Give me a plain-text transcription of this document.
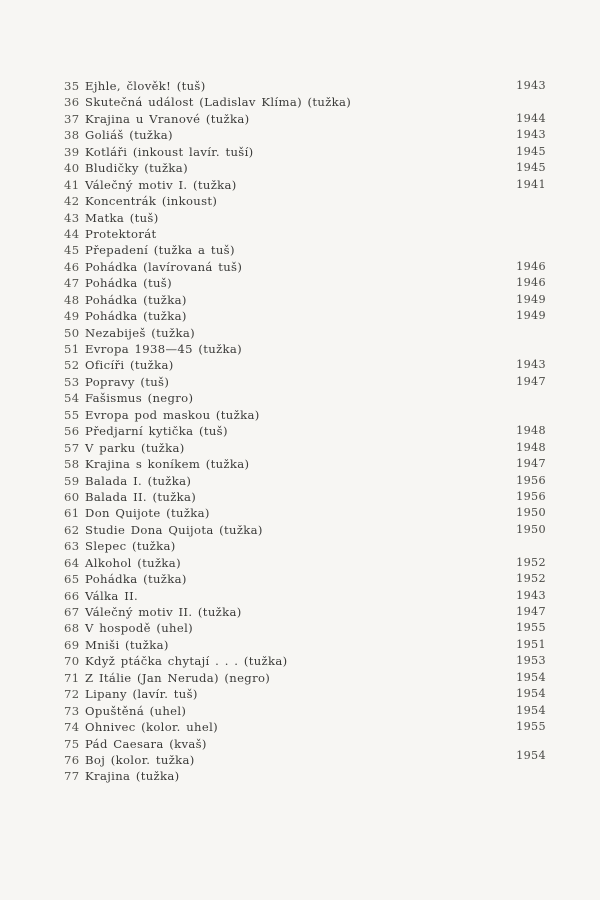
35 Ejhle, člověk! (tuš)	1943
36 Skutečná událost (Ladislav Klíma) (tužka)
37 Krajina u Vranové (tužka)	1944
38 Goliáš (tužka)	1943
39 Kotláři (inkoust lavír. tuší)	1945
40 Bludičky (tužka)	1945
41 Válečný motiv I. (tužka)	1941
42 Koncentrák (inkoust)
43 Matka (tuš)
44 Protektorát
45 Přepadení (tužka a tuš)
46 Pohádka (lavírovaná tuš)	1946
47 Pohádka (tuš)	1946
48 Pohádka (tužka)	1949
49 Pohádka (tužka)	1949
50 Nezabiješ (tužka)
51 Evropa 1938—45 (tužka)
52 Oficíři (tužka)	1943
53 Popravy (tuš)	1947
54 Fašismus (negro)
55 Evropa pod maskou (tužka)
56 Předjarní kytička (tuš)	1948
57 V parku (tužka)	1948
58 Krajina s koníkem (tužka)	1947
59 Balada I. (tužka)	1956
60 Balada II. (tužka)	1956
61 Don Quijote (tužka)	1950
62 Studie Dona Quijota (tužka)	1950
63 Slepec (tužka)
64 Alkohol (tužka)	1952
65 Pohádka (tužka)	1952
66 Válka II.	1943
67 Válečný motiv II. (tužka)	1947
68 V hospodě (uhel)	1955
69 Mniši (tužka)	1951
70 Když ptáčka chytají . . . (tužka)	1953
71 Z Itálie (Jan Neruda) (negro)	1954
72 Lipany (lavír. tuš)	1954
73 Opuštěná (uhel)	1954
74 Ohnivec (kolor. uhel)	1955
75 Pád Caesara (kvaš)
76 Boj (kolor. tužka)	1954
77 Krajina (tužka)
